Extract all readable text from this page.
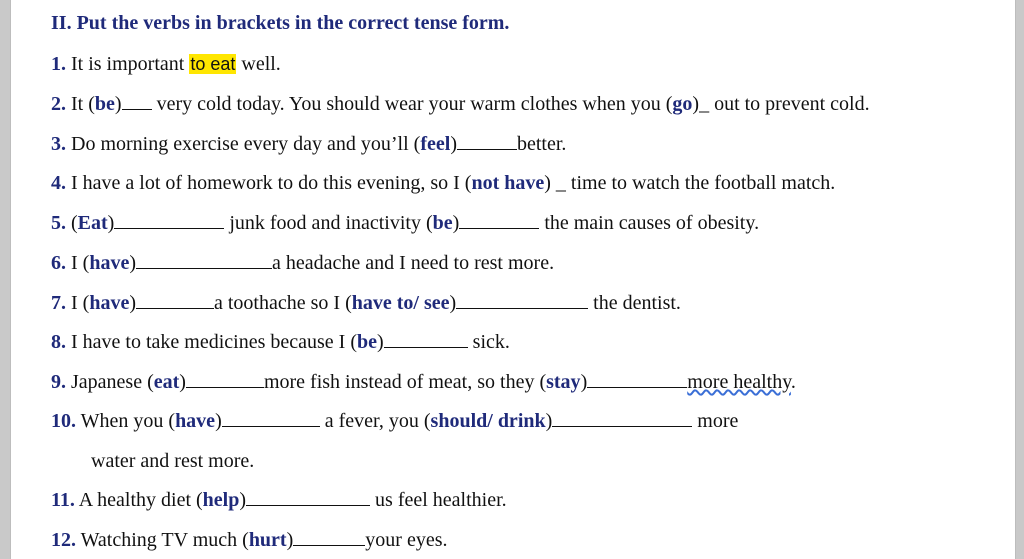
II. Put the verbs in brackets in the correct tense form.
1. It is important to eat well.
2. It (be) very cold today. You should wear your warm clothes when you (go)_ out to prevent cold.
3. Do morning exercise every day and you’ll (feel)	better.
4. I have a lot of homework to do this evening, so I (not have) _ time to watch the football match.
5. (Eat)	junk food and inactivity (be)	the main causes of obesity.
6. I (have)	a headache and I need to rest more.
7. I (have)	a toothache so I (have to/ see)	the dentist.
8. I have to take medicines because I (be)	sick.
9. Japanese (eat)	more fish instead of meat, so they (stay)	more healthy.
10. When you (have)	a fever, you (should/ drink)	more
water and rest more.
11. A healthy diet (help)	us feel healthier.
12. Watching TV much (hurt)	your eyes.
